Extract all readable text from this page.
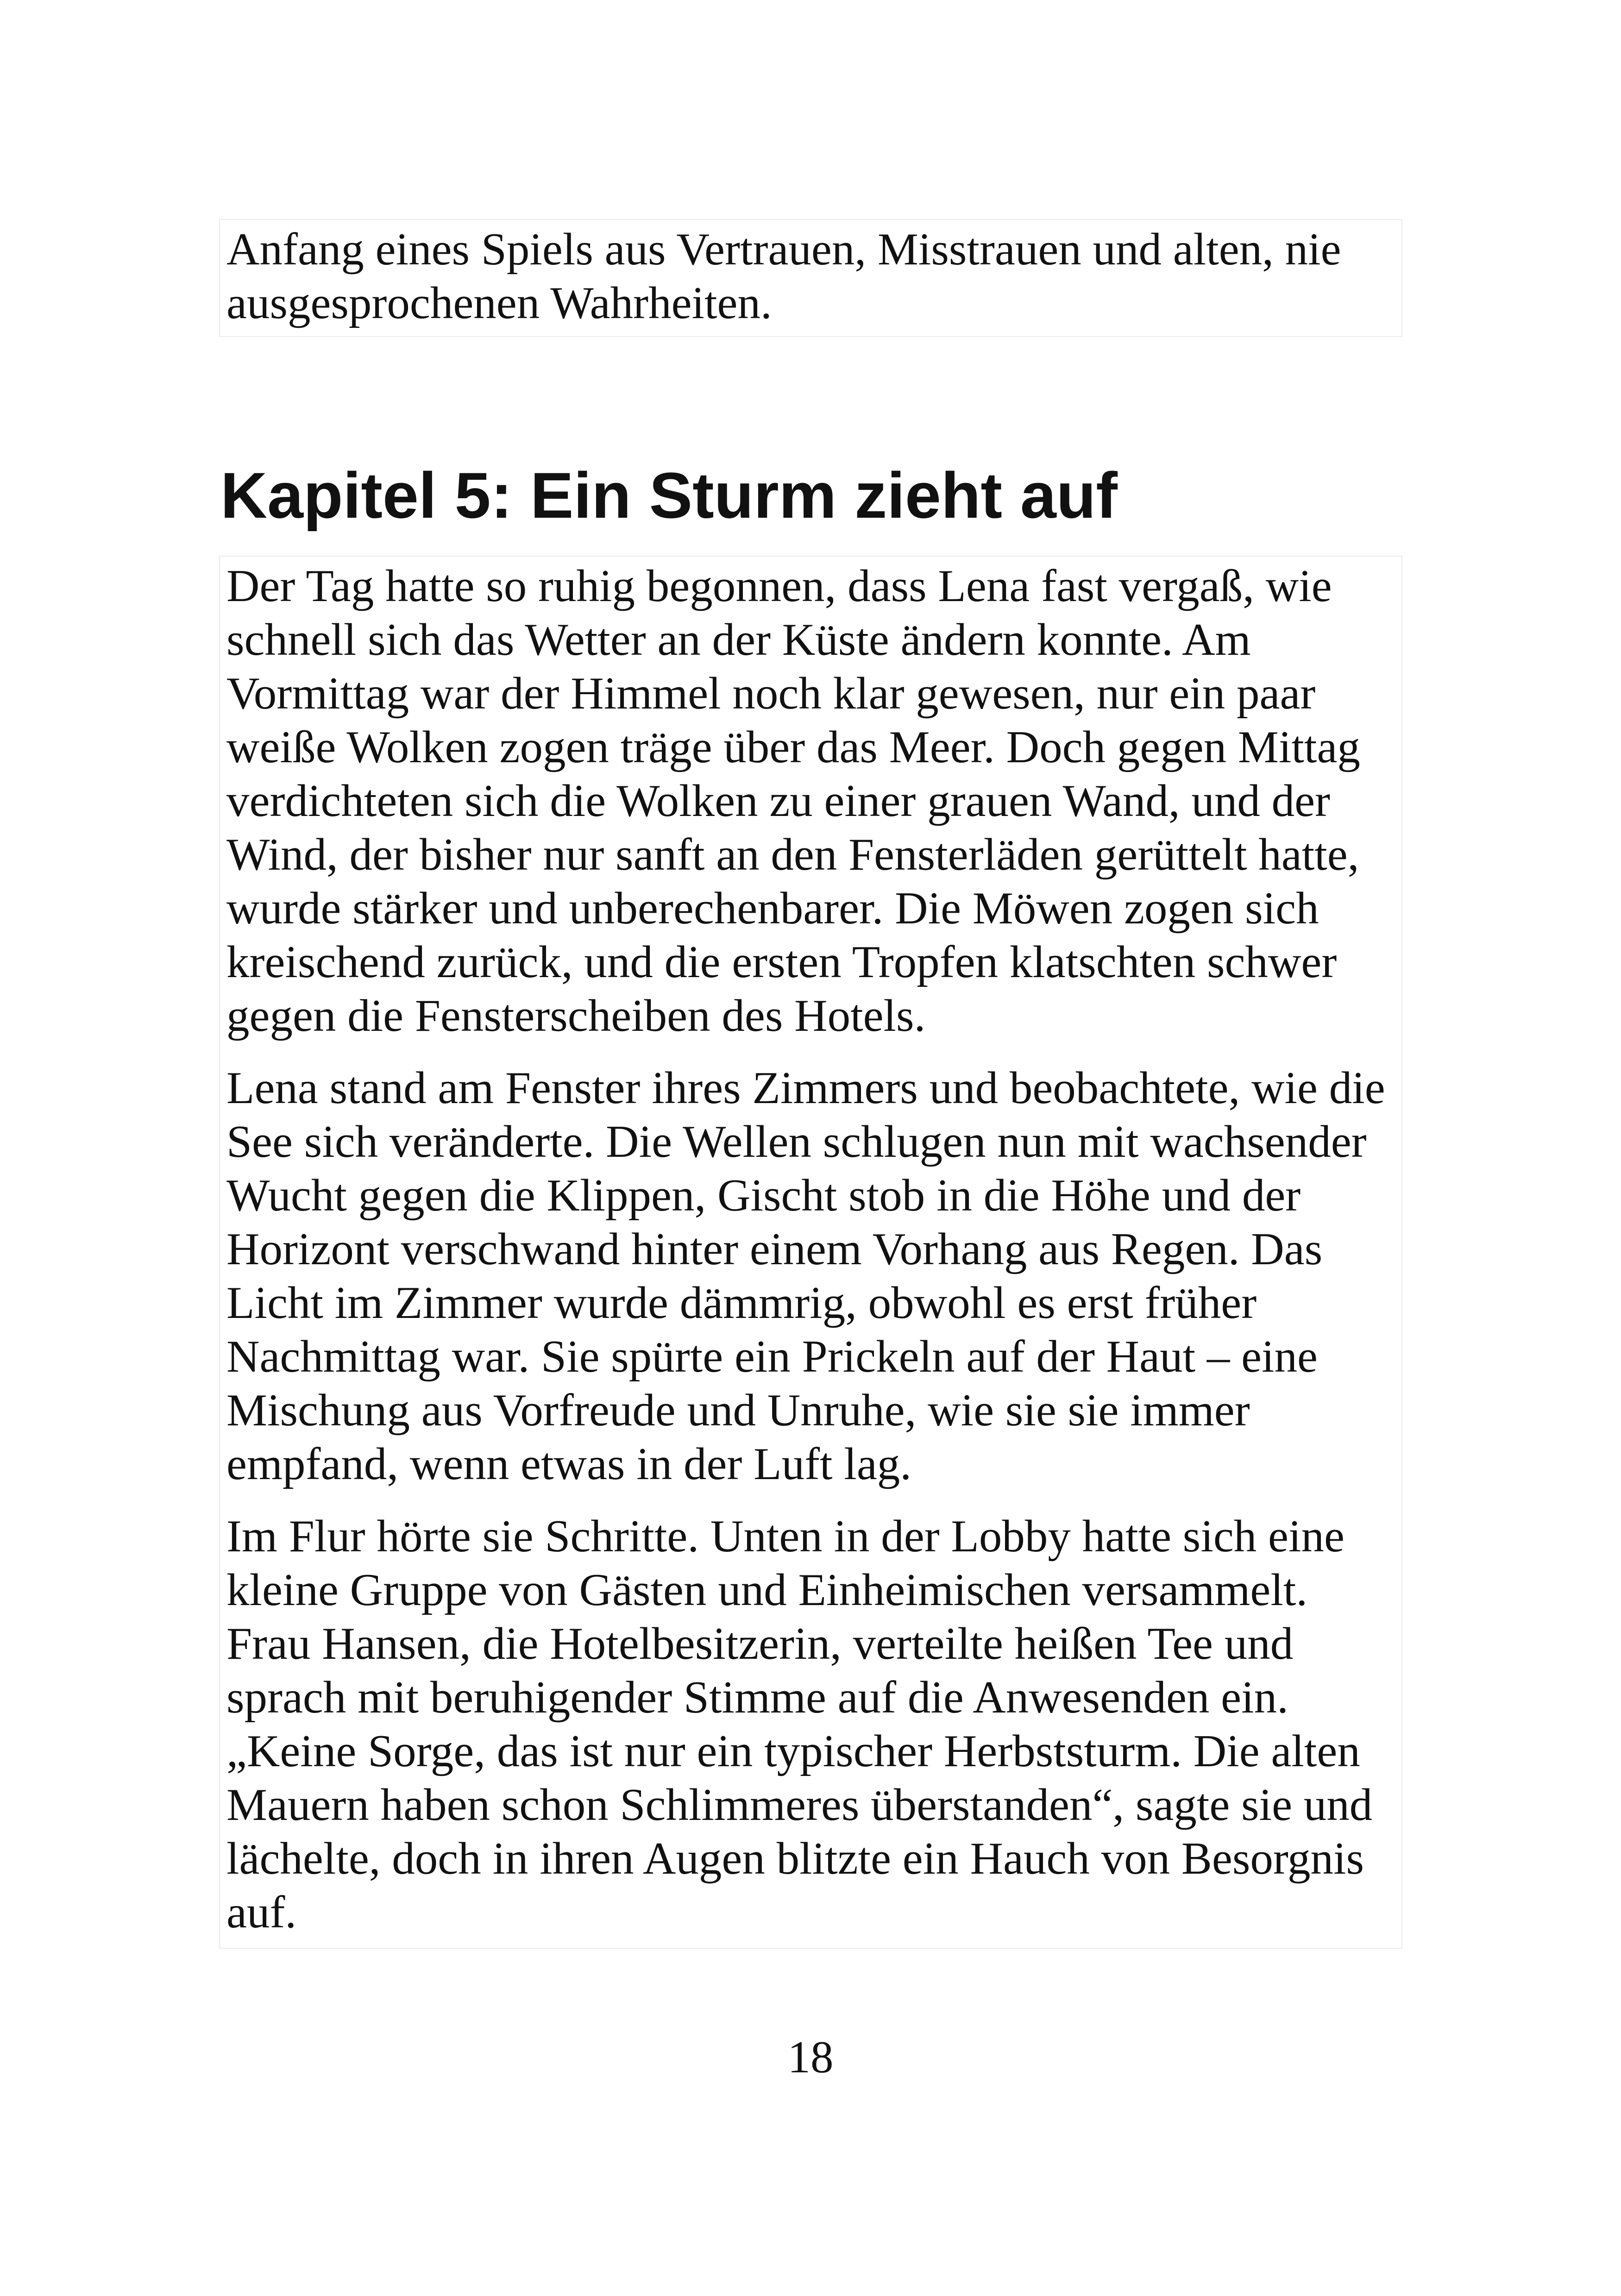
Anfang eines Spiels aus Vertrauen, Misstrauen und alten, nie ausgesprochenen Wahrheiten.

Kapitel 5: Ein Sturm zieht auf

Der Tag hatte so ruhig begonnen, dass Lena fast vergaß, wie schnell sich das Wetter an der Küste ändern konnte. Am Vormittag war der Himmel noch klar gewesen, nur ein paar weiße Wolken zogen träge über das Meer. Doch gegen Mittag verdichteten sich die Wolken zu einer grauen Wand, und der Wind, der bisher nur sanft an den Fensterläden gerüttelt hatte, wurde stärker und unberechenbarer. Die Möwen zogen sich kreischend zurück, und die ersten Tropfen klatschten schwer gegen die Fensterscheiben des Hotels.

Lena stand am Fenster ihres Zimmers und beobachtete, wie die See sich veränderte. Die Wellen schlugen nun mit wachsender Wucht gegen die Klippen, Gischt stob in die Höhe und der Horizont verschwand hinter einem Vorhang aus Regen. Das Licht im Zimmer wurde dämmrig, obwohl es erst früher Nachmittag war. Sie spürte ein Prickeln auf der Haut – eine Mischung aus Vorfreude und Unruhe, wie sie sie immer empfand, wenn etwas in der Luft lag.

Im Flur hörte sie Schritte. Unten in der Lobby hatte sich eine kleine Gruppe von Gästen und Einheimischen versammelt. Frau Hansen, die Hotelbesitzerin, verteilte heißen Tee und sprach mit beruhigender Stimme auf die Anwesenden ein. „Keine Sorge, das ist nur ein typischer Herbststurm. Die alten Mauern haben schon Schlimmeres überstanden“, sagte sie und lächelte, doch in ihren Augen blitzte ein Hauch von Besorgnis auf.

18
